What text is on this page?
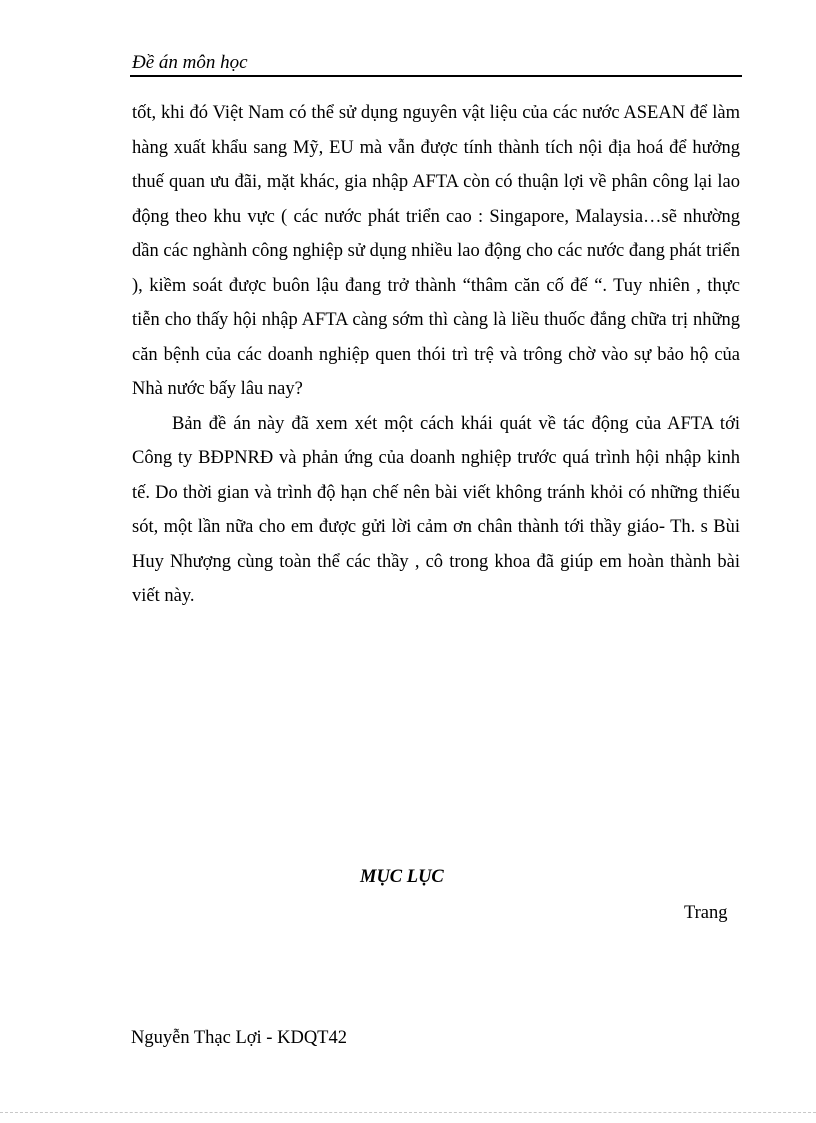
Đề án môn học

tốt, khi đó Việt Nam có thể sử dụng nguyên vật liệu của các nước ASEAN để làm hàng xuất khẩu sang Mỹ, EU mà vẫn được tính thành tích nội địa hoá để hưởng thuế quan ưu đãi, mặt khác, gia nhập AFTA còn có thuận lợi về phân công lại lao động theo khu vực ( các nước phát triển cao : Singapore, Malaysia…sẽ nhường dần các nghành công nghiệp sử dụng nhiều lao động cho các nước đang phát triển ), kiềm soát được buôn lậu đang trở thành “thâm căn cố đế “. Tuy nhiên , thực tiễn cho thấy hội nhập AFTA càng sớm thì càng là liều thuốc đắng chữa trị những căn bệnh của các doanh nghiệp quen thói trì trệ và trông chờ vào sự bảo hộ của Nhà nước bấy lâu nay?

Bản đề án này đã xem xét một cách khái quát về tác động của AFTA tới Công ty BĐPNRĐ và phản ứng của doanh nghiệp trước quá trình hội nhập kinh tế. Do thời gian và trình độ hạn chế nên bài viết không tránh khỏi có những thiếu sót, một lần nữa cho em được gửi lời cảm ơn chân thành tới thầy giáo- Th. s Bùi Huy Nhượng cùng toàn thể các thầy , cô trong khoa đã giúp em hoàn thành bài viết này.

MỤC LỤC
Trang
Nguyễn Thạc Lợi - KDQT42
